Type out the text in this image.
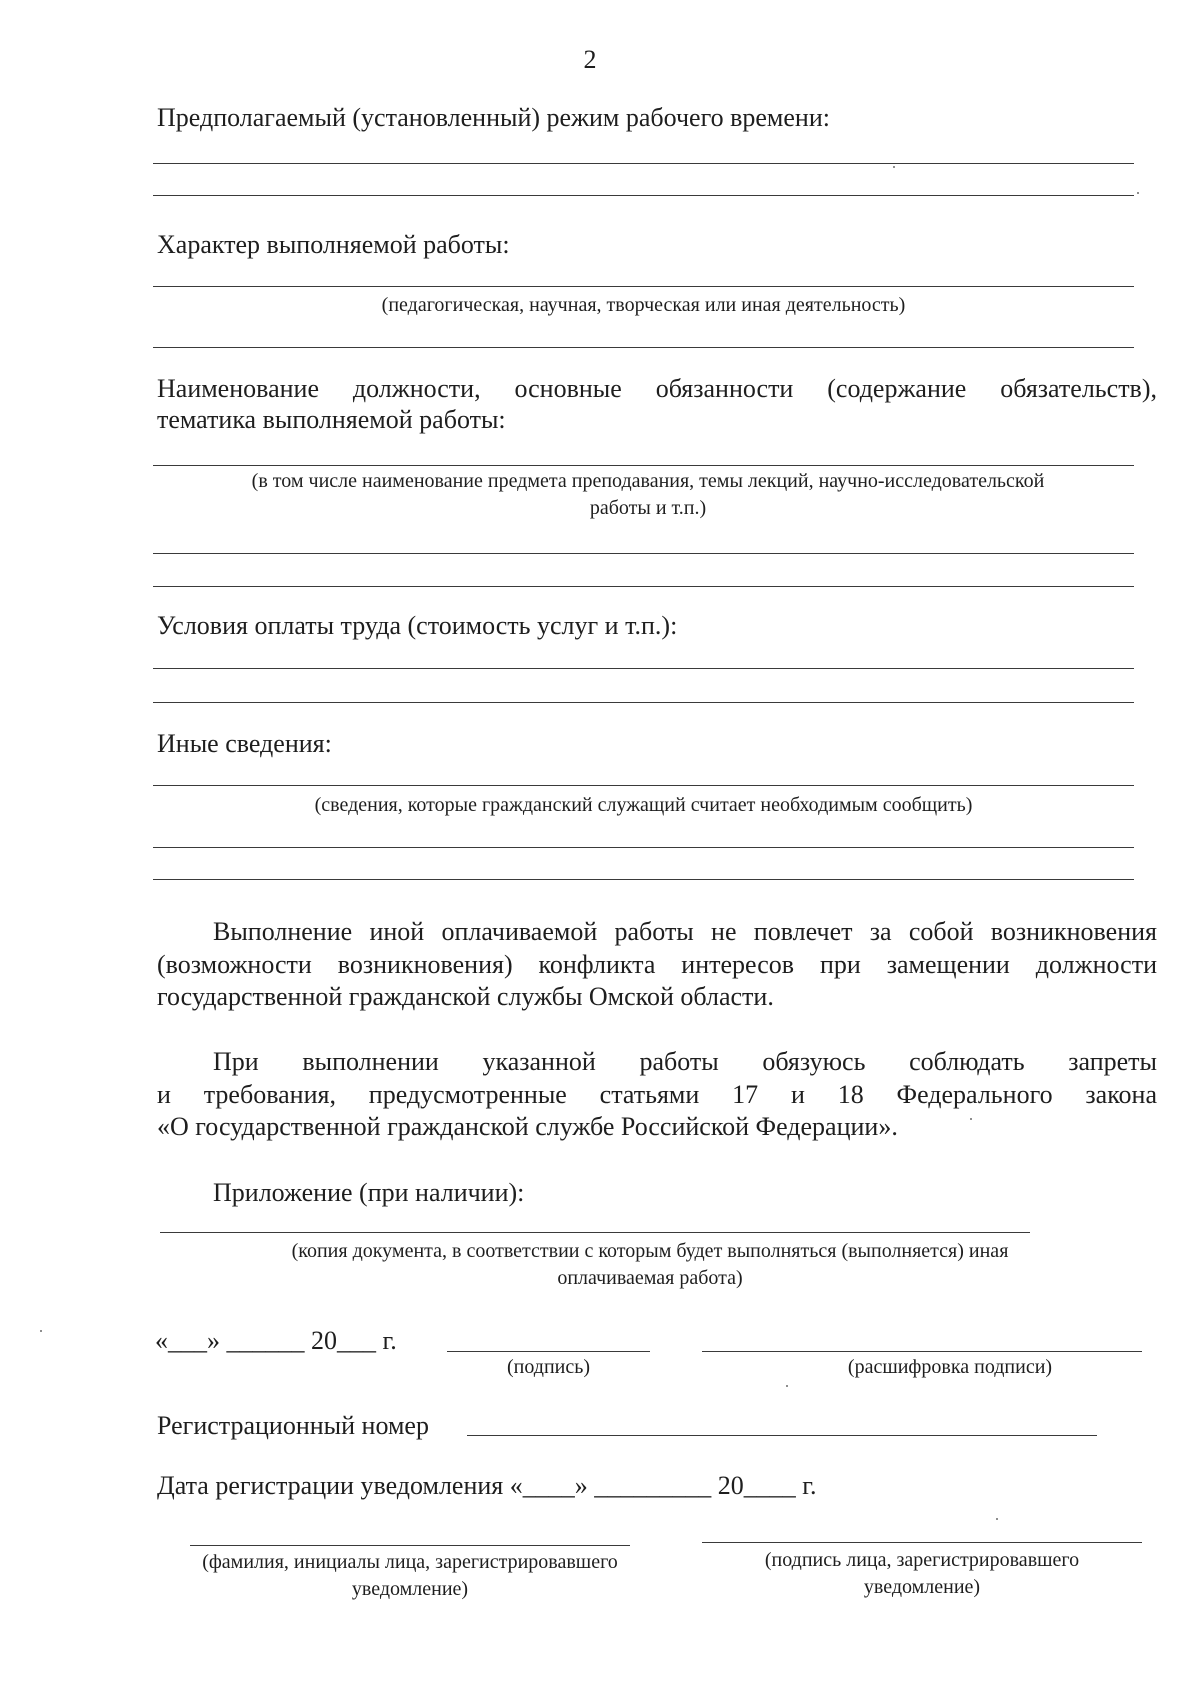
2
Предполагаемый (установленный) режим рабочего времени:
Характер выполняемой работы:
(педагогическая, научная, творческая или иная деятельность)
Наименование должности, основные обязанности (содержание обязательств),
тематика выполняемой работы:
(в том числе наименование предмета преподавания, темы лекций, научно-исследовательской
работы и т.п.)
Условия оплаты труда (стоимость услуг и т.п.):
Иные сведения:
(сведения, которые гражданский служащий считает необходимым сообщить)
Выполнение иной оплачиваемой работы не повлечет за собой возникновения
(возможности возникновения) конфликта интересов при замещении должности
государственной гражданской службы Омской области.
При выполнении указанной работы обязуюсь соблюдать запреты
и требования, предусмотренные статьями 17 и 18 Федерального закона
«О государственной гражданской службе Российской Федерации».
Приложение (при наличии):
(копия документа, в соответствии с которым будет выполняться (выполняется) иная
оплачиваемая работа)
«___» ______ 20___ г.
(подпись)	(расшифровка подписи)
Регистрационный номер
Дата регистрации уведомления «____» _________ 20____ г.
(фамилия, инициалы лица, зарегистрировавшего
уведомление)
(подпись лица, зарегистрировавшего
уведомление)
